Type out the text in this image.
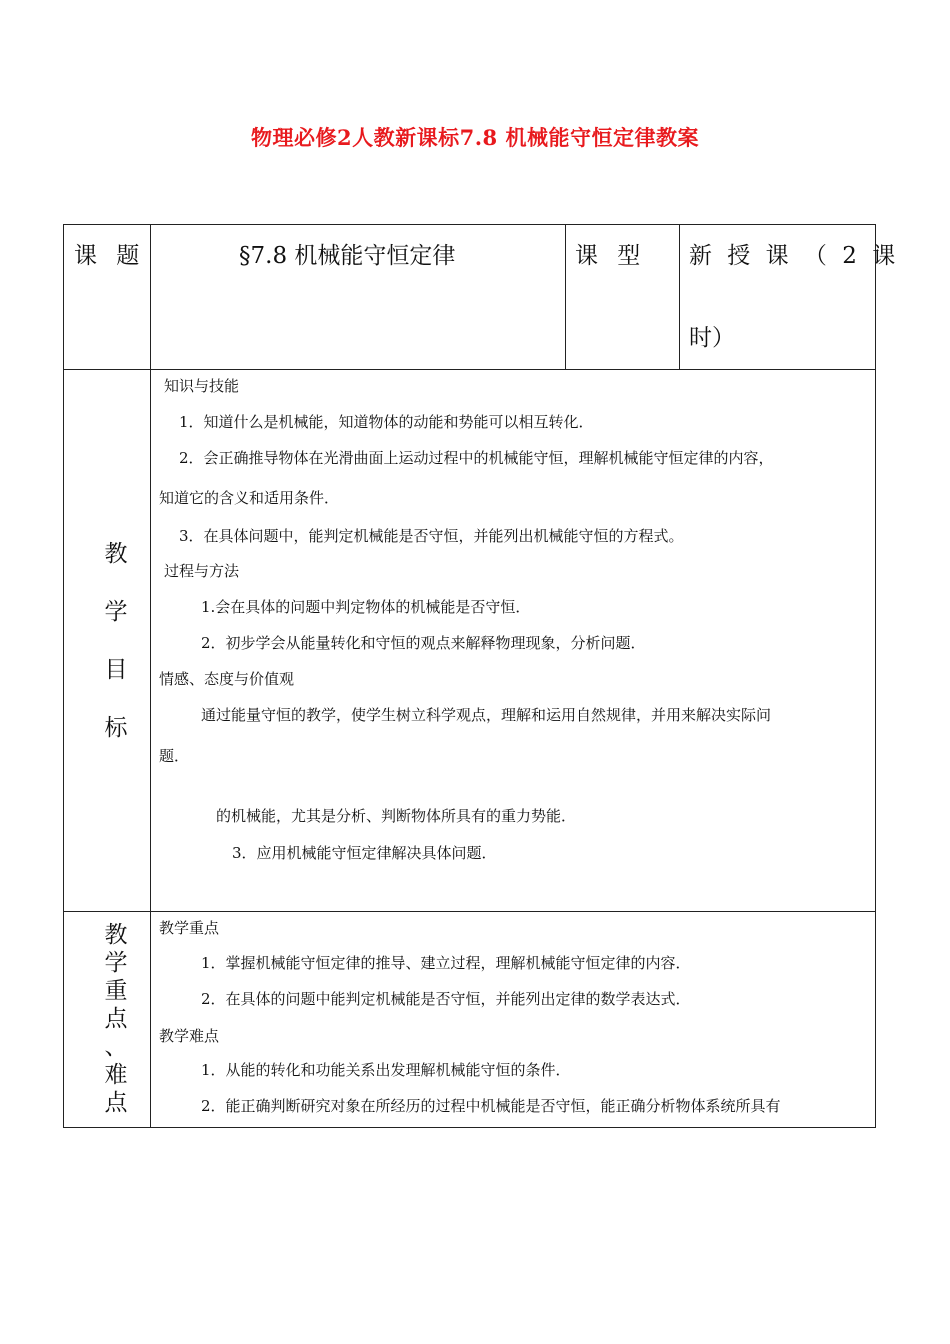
物理必修2人教新课标7.8 机械能守恒定律教案
课 题	§7.8 机械能守恒定律	课 型 新 授 课 （ 2 课
时）
教
学
目
标
知识与技能
1．知道什么是机械能，知道物体的动能和势能可以相互转化．
2．会正确推导物体在光滑曲面上运动过程中的机械能守恒，理解机械能守恒定律的内容，
知道它的含义和适用条件．
3．在具体问题中，能判定机械能是否守恒，并能列出机械能守恒的方程式。
过程与方法
1.会在具体的问题中判定物体的机械能是否守恒．
2．初步学会从能量转化和守恒的观点来解释物理现象，分析问题．
情感、态度与价值观
通过能量守恒的教学，使学生树立科学观点，理解和运用自然规律，并用来解决实际问
题．
的机械能，尤其是分析、判断物体所具有的重力势能．
3．应用机械能守恒定律解决具体问题．
教
学
重
点
、
难
点
教学重点
1．掌握机械能守恒定律的推导、建立过程，理解机械能守恒定律的内容．
2．在具体的问题中能判定机械能是否守恒，并能列出定律的数学表达式．
教学难点
1．从能的转化和功能关系出发理解机械能守恒的条件．
2．能正确判断研究对象在所经历的过程中机械能是否守恒，能正确分析物体系统所具有
